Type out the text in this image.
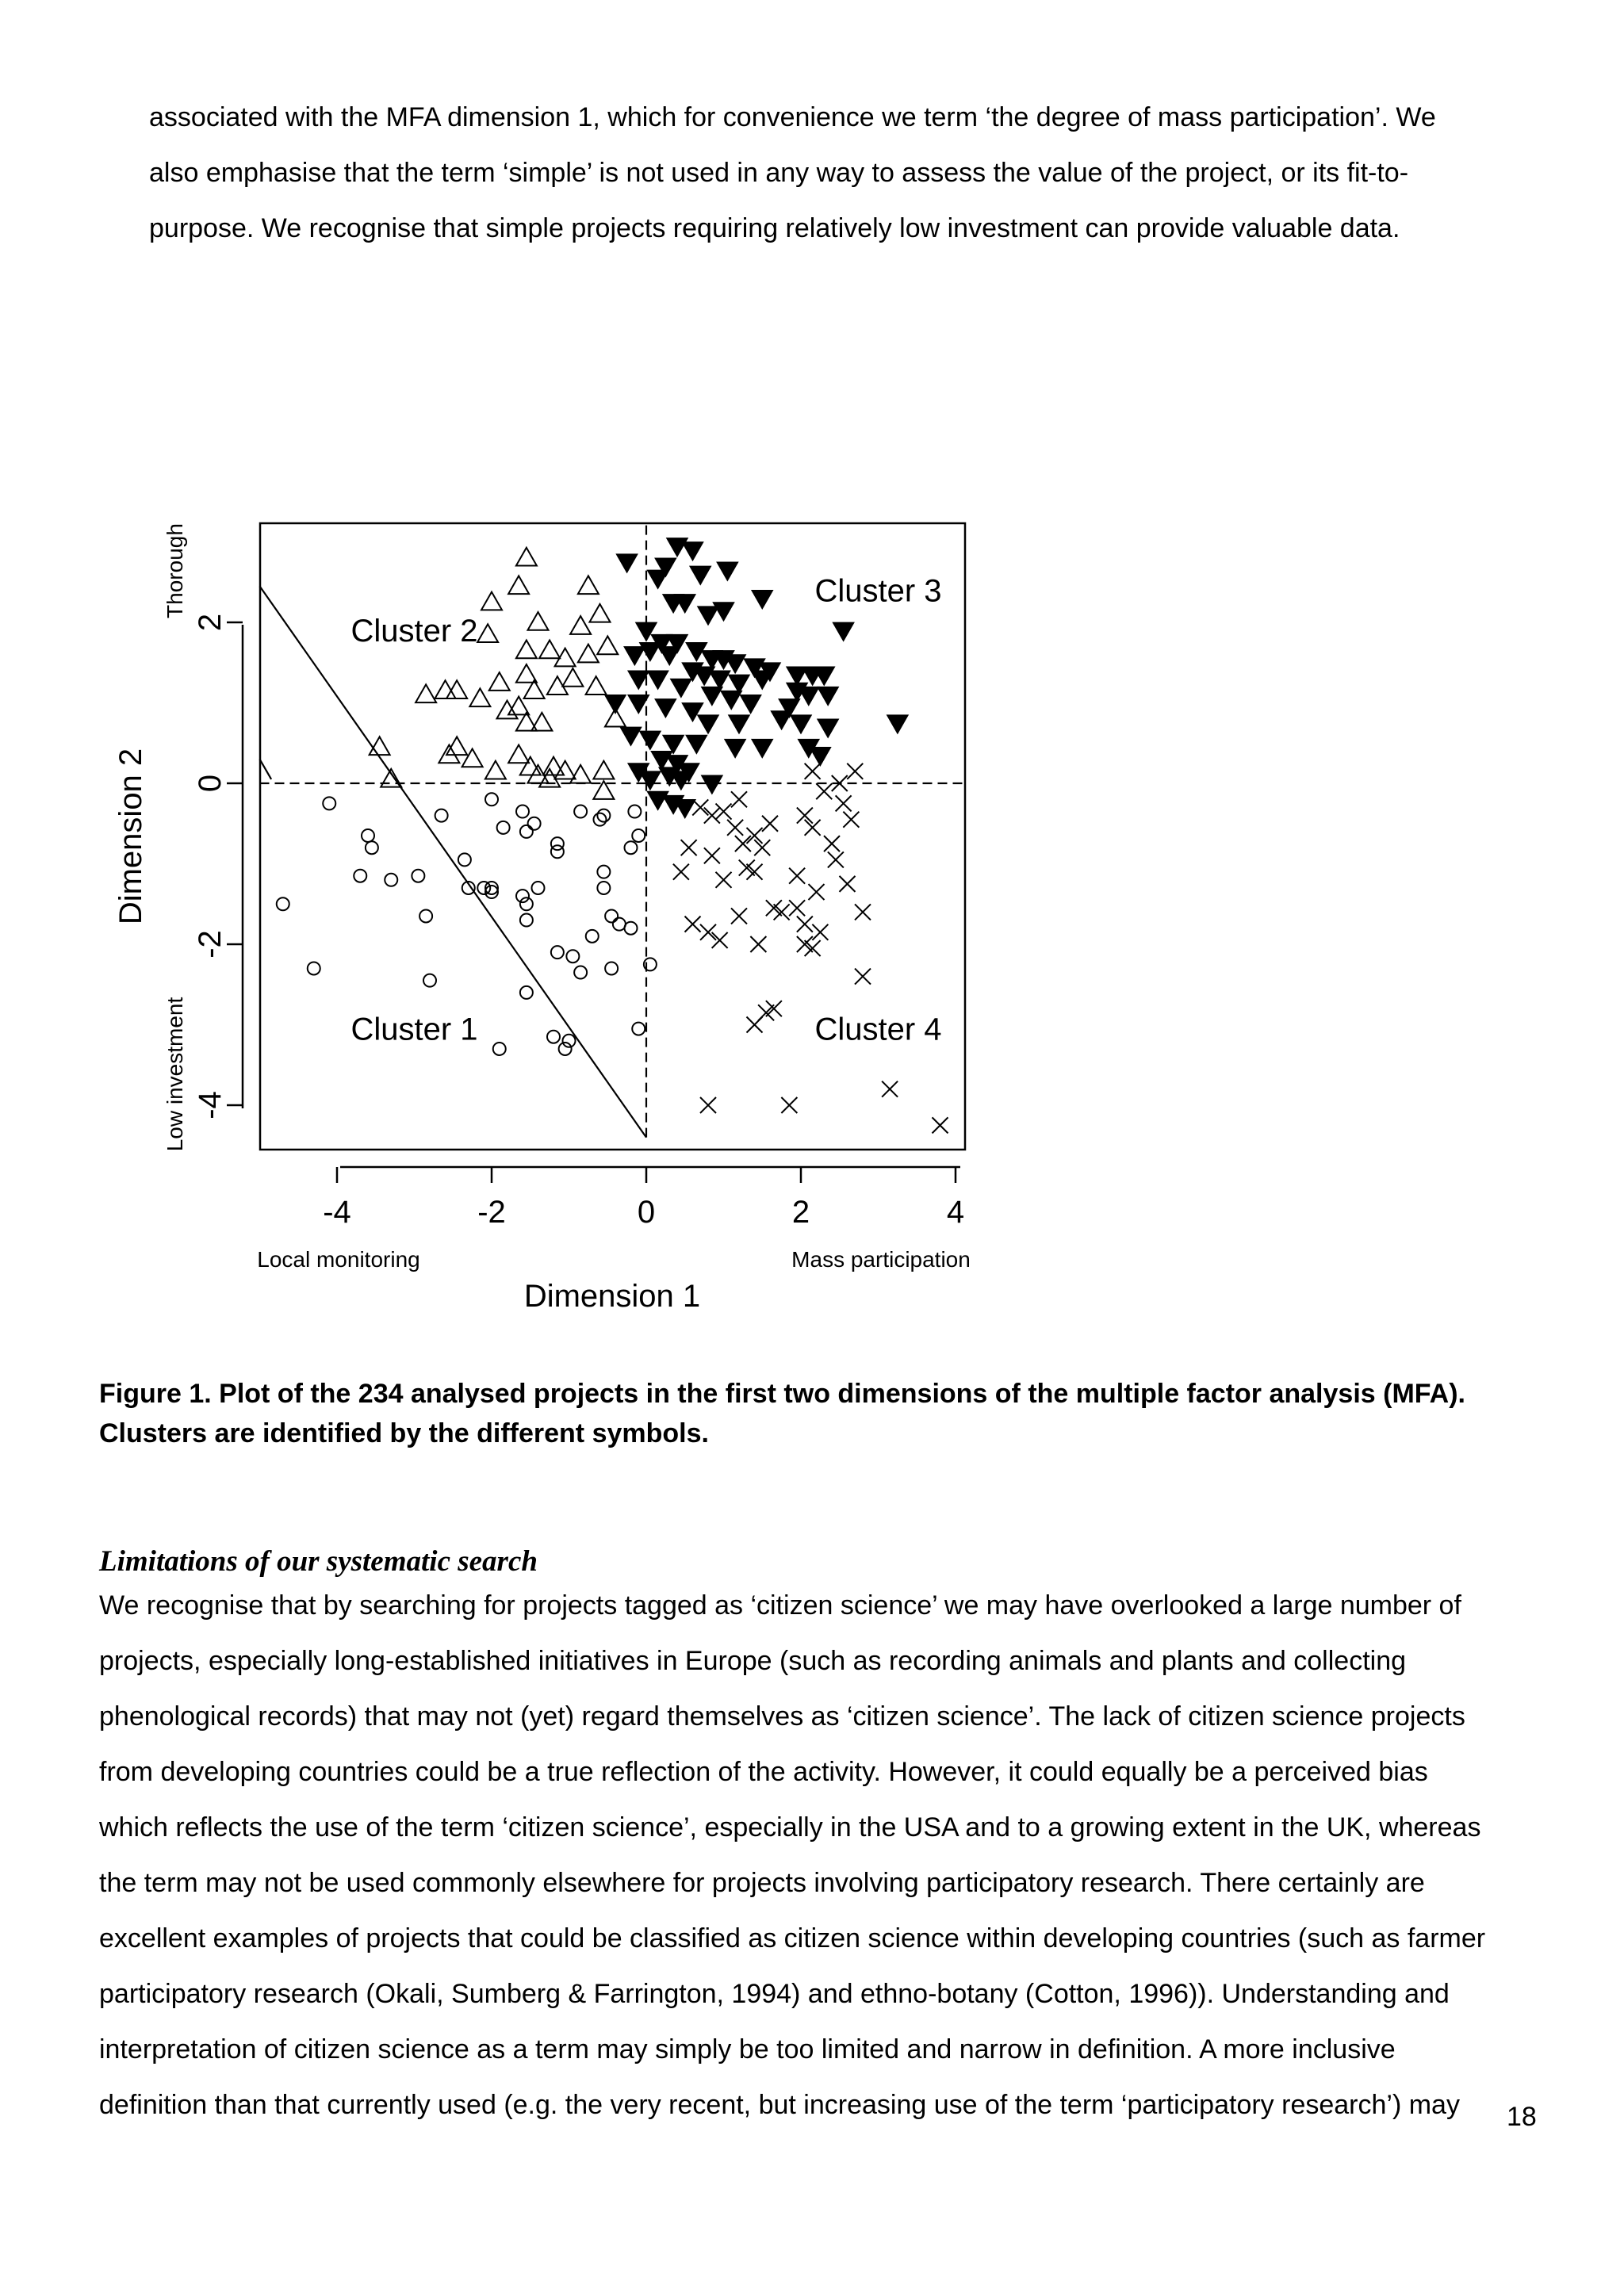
associated with the MFA dimension 1, which for convenience we term ‘the degree of mass participation’. We
also emphasise that the term ‘simple’ is not used in any way to assess the value of the project, or its fit-to-
purpose. We recognise that simple projects requiring relatively low investment can provide valuable data.

-4	-2	0	2	4
-4
-2
0
2
Cluster 1
Cluster 2
Cluster 3
Cluster 4
Dimension 1
Local monitoring	Mass participation
Dimension 2
Thorough
Low investment

Figure 1. Plot of the 234 analysed projects in the first two dimensions of the multiple factor analysis (MFA).
Clusters are identified by the different symbols.

Limitations of our systematic search

We recognise that by searching for projects tagged as ‘citizen science’ we may have overlooked a large number of
projects, especially long-established initiatives in Europe (such as recording animals and plants and collecting
phenological records) that may not (yet) regard themselves as ‘citizen science’. The lack of citizen science projects
from developing countries could be a true reflection of the activity. However, it could equally be a perceived bias
which reflects the use of the term ‘citizen science’, especially in the USA and to a growing extent in the UK, whereas
the term may not be used commonly elsewhere for projects involving participatory research. There certainly are
excellent examples of projects that could be classified as citizen science within developing countries (such as farmer
participatory research (Okali, Sumberg & Farrington, 1994) and ethno-botany (Cotton, 1996)). Understanding and
interpretation of citizen science as a term may simply be too limited and narrow in definition. A more inclusive
definition than that currently used (e.g. the very recent, but increasing use of the term ‘participatory research’) may	18
